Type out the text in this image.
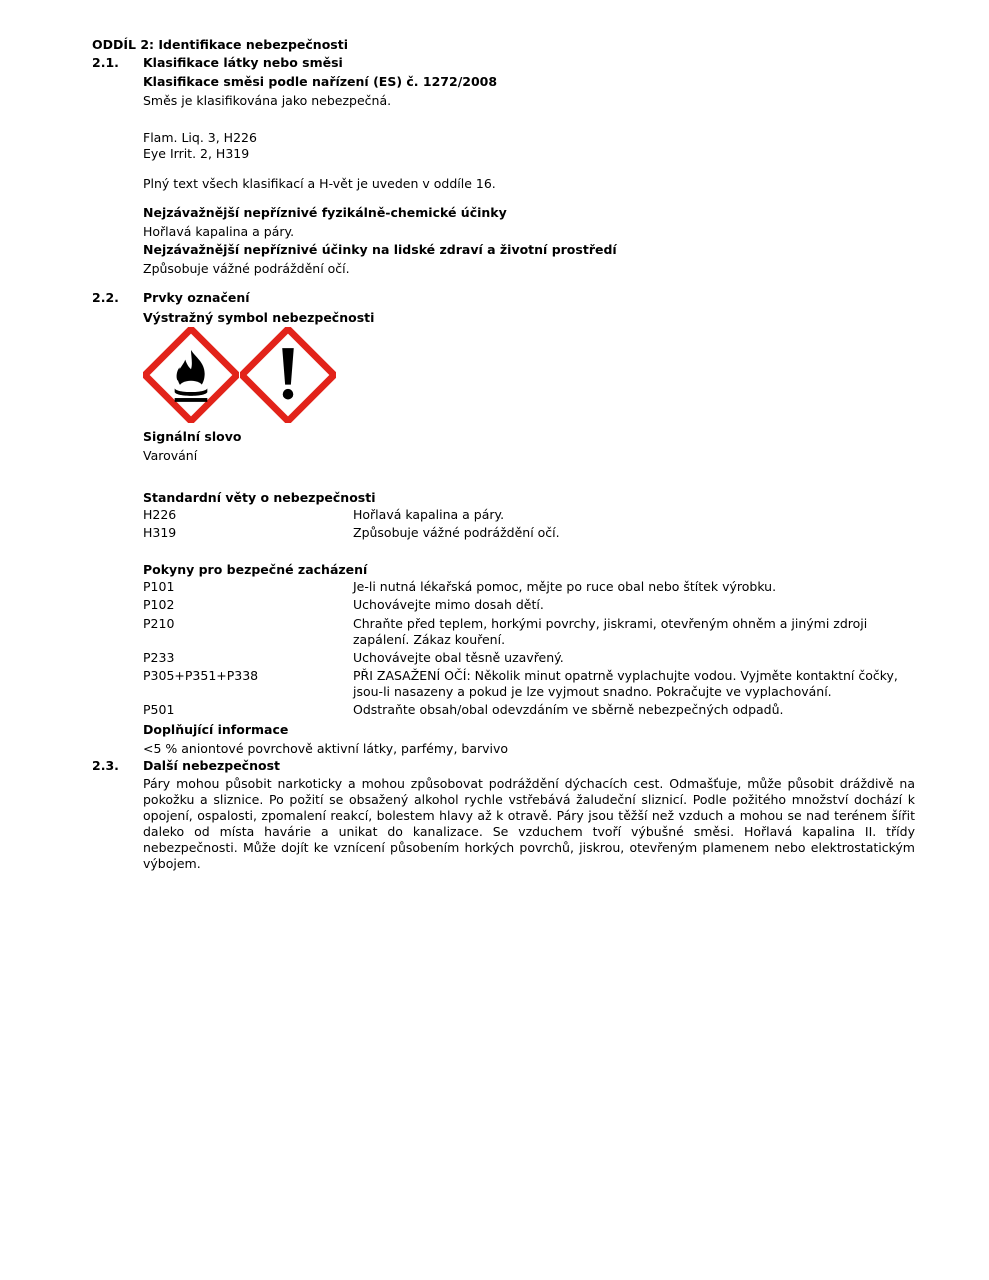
ODDÍL 2: Identifikace nebezpečnosti
2.1. Klasifikace látky nebo směsi
Klasifikace směsi podle nařízení (ES) č. 1272/2008
Směs je klasifikována jako nebezpečná.
Flam. Liq. 3, H226
Eye Irrit. 2, H319
Plný text všech klasifikací a H-vět je uveden v oddíle 16.
Nejzávažnější nepříznivé fyzikálně-chemické účinky
Hořlavá kapalina a páry.
Nejzávažnější nepříznivé účinky na lidské zdraví a životní prostředí
Způsobuje vážné podráždění očí.
2.2. Prvky označení
Výstražný symbol nebezpečnosti
Signální slovo
Varování
Standardní věty o nebezpečnosti
H226	Hořlavá kapalina a páry.
H319	Způsobuje vážné podráždění očí.
Pokyny pro bezpečné zacházení
P101	Je-li nutná lékařská pomoc, mějte po ruce obal nebo štítek výrobku.
P102	Uchovávejte mimo dosah dětí.
P210	Chraňte před teplem, horkými povrchy, jiskrami, otevřeným ohněm a jinými zdroji zapálení. Zákaz kouření.
P233	Uchovávejte obal těsně uzavřený.
P305+P351+P338	PŘI ZASAŽENÍ OČÍ: Několik minut opatrně vyplachujte vodou. Vyjměte kontaktní čočky, jsou-li nasazeny a pokud je lze vyjmout snadno. Pokračujte ve vyplachování.
P501	Odstraňte obsah/obal odevzdáním ve sběrně nebezpečných odpadů.
Doplňující informace
<5 % aniontové povrchově aktivní látky, parfémy, barvivo
2.3. Další nebezpečnost
Páry mohou působit narkoticky a mohou způsobovat podráždění dýchacích cest. Odmašťuje, může působit dráždivě na pokožku a sliznice. Po požití se obsažený alkohol rychle vstřebává žaludeční sliznicí. Podle požitého množství dochází k opojení, ospalosti, zpomalení reakcí, bolestem hlavy až k otravě. Páry jsou těžší než vzduch a mohou se nad terénem šířit daleko od místa havárie a unikat do kanalizace. Se vzduchem tvoří výbušné směsi. Hořlavá kapalina II. třídy nebezpečnosti. Může dojít ke vznícení působením horkých povrchů, jiskrou, otevřeným plamenem nebo elektrostatickým výbojem.
